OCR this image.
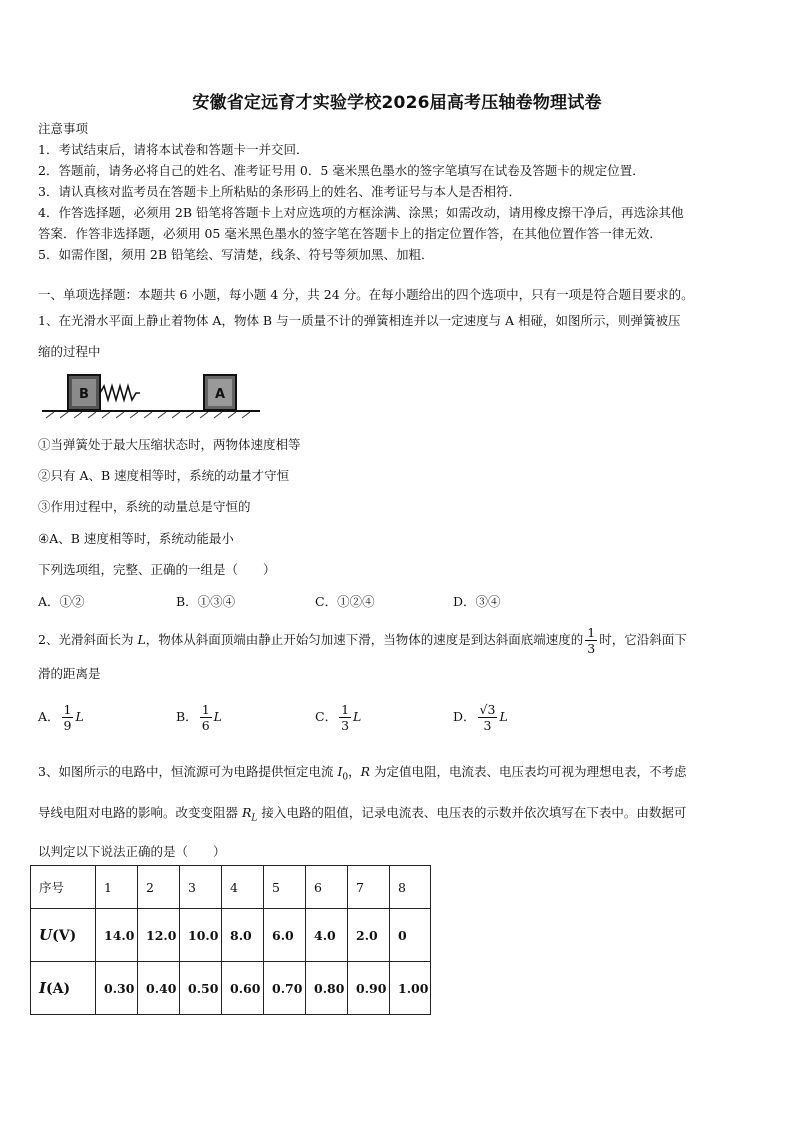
安徽省定远育才实验学校2026届高考压轴卷物理试卷
注意事项
1．考试结束后，请将本试卷和答题卡一并交回．
2．答题前，请务必将自己的姓名、准考证号用 0．5 毫米黑色墨水的签字笔填写在试卷及答题卡的规定位置．
3．请认真核对监考员在答题卡上所粘贴的条形码上的姓名、准考证号与本人是否相符．
4．作答选择题，必须用 2B 铅笔将答题卡上对应选项的方框涂满、涂黑；如需改动，请用橡皮擦干净后，再选涂其他
答案．作答非选择题，必须用 05 毫米黑色墨水的签字笔在答题卡上的指定位置作答，在其他位置作答一律无效．
5．如需作图，须用 2B 铅笔绘、写清楚，线条、符号等须加黑、加粗．
一、单项选择题：本题共 6 小题，每小题 4 分，共 24 分。在每小题给出的四个选项中，只有一项是符合题目要求的。
1、在光滑水平面上静止着物体 A，物体 B 与一质量不计的弹簧相连并以一定速度与 A 相碰，如图所示，则弹簧被压
缩的过程中
B	A
①当弹簧处于最大压缩状态时，两物体速度相等
②只有 A、B 速度相等时，系统的动量才守恒
③作用过程中，系统的动量总是守恒的
④A、B 速度相等时，系统动能最小
下列选项组，完整、正确的一组是（　　）
A．①②	B．①③④	C．①②④	D．③④
2、光滑斜面长为 L，物体从斜面顶端由静止开始匀加速下滑，当物体的速度是到达斜面底端速度的 $\frac{1}{3}$ 时，它沿斜面下
滑的距离是
A． $\frac{1}{9}$ L	B． $\frac{1}{6}$ L	C． $\frac{1}{3}$ L	D． $\frac{√3}{3}$ L
3、如图所示的电路中，恒流源可为电路提供恒定电流 $I_0$，R 为定值电阻，电流表、电压表均可视为理想电表，不考虑
导线电阻对电路的影响。改变变阻器 $R_L$ 接入电路的阻值，记录电流表、电压表的示数并依次填写在下表中。由数据可
以判定以下说法正确的是（　　）
序号	1	2	3	4	5	6	7	8
U(V)	14.0	12.0	10.0	8.0	6.0	4.0	2.0	0
I(A)	0.30	0.40	0.50	0.60	0.70	0.80	0.90	1.00
